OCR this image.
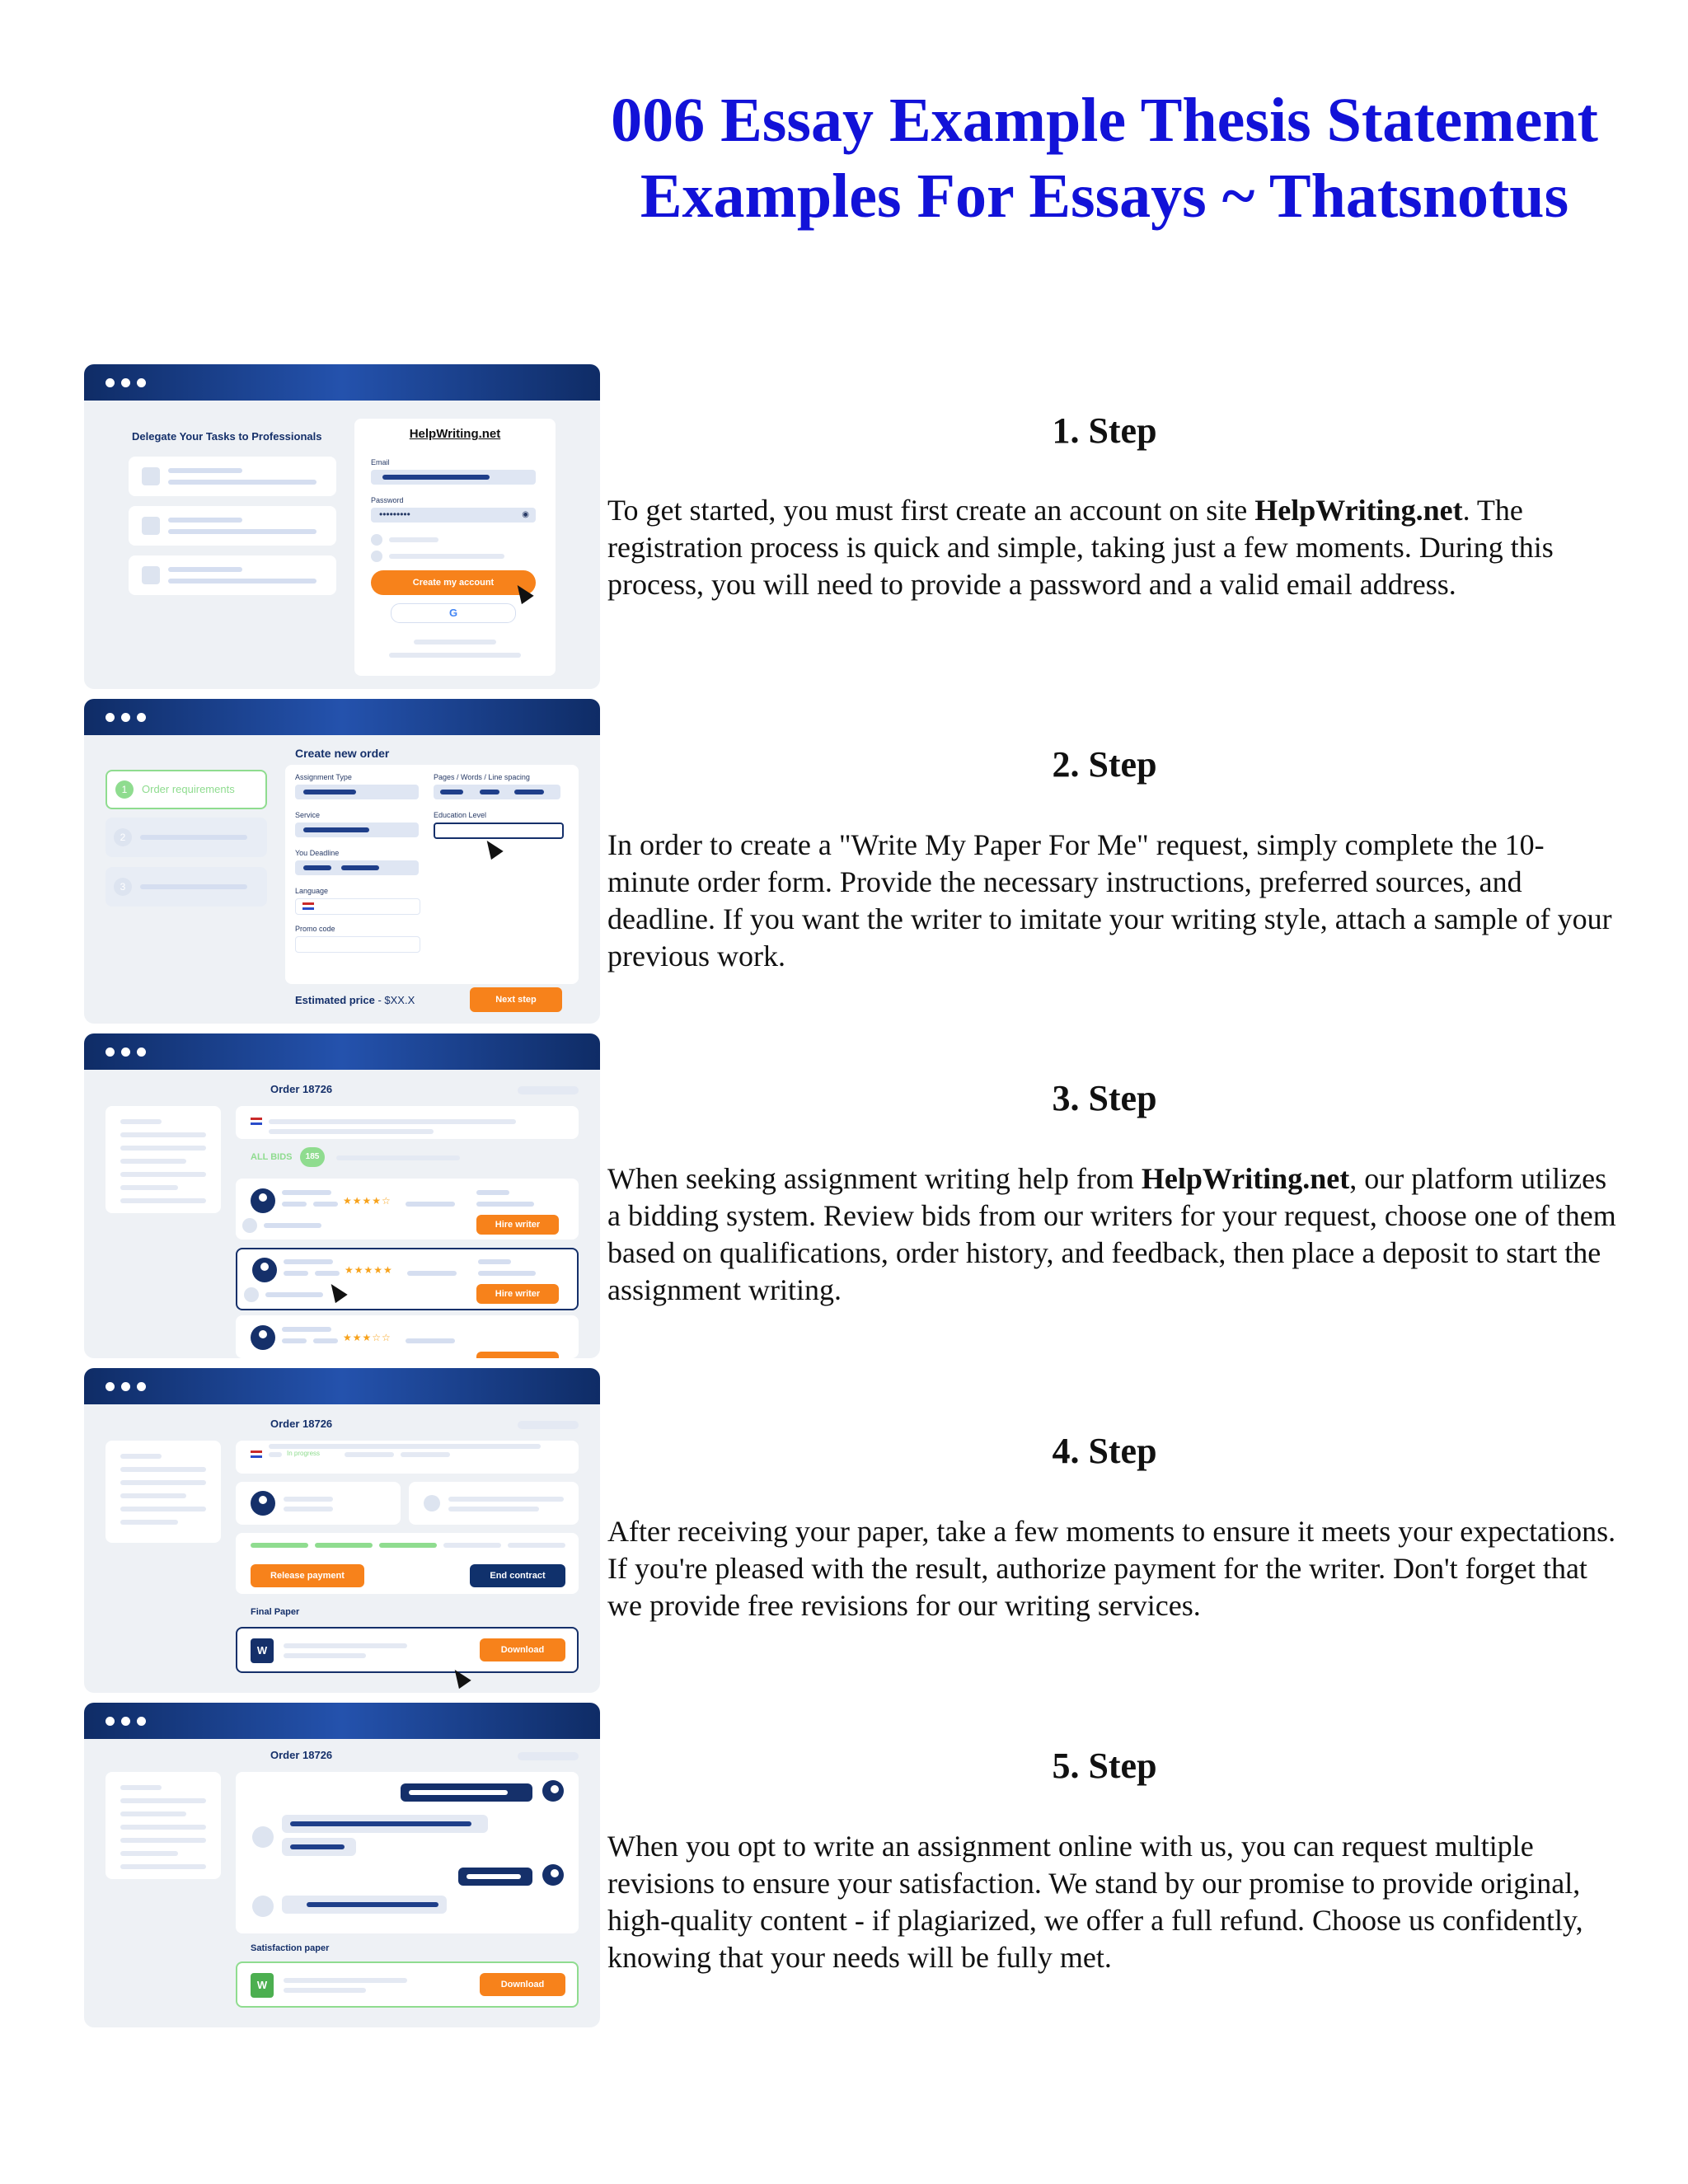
006 Essay Example Thesis Statement Examples For Essays ~ Thatsnotus
1. Step

To get started, you must first create an account on site HelpWriting.net. The registration process is quick and simple, taking just a few moments. During this process, you will need to provide a password and a valid email address.

2. Step

In order to create a "Write My Paper For Me" request, simply complete the 10-minute order form. Provide the necessary instructions, preferred sources, and deadline. If you want the writer to imitate your writing style, attach a sample of your previous work.

3. Step

When seeking assignment writing help from HelpWriting.net, our platform utilizes a bidding system. Review bids from our writers for your request, choose one of them based on qualifications, order history, and feedback, then place a deposit to start the assignment writing.

4. Step

After receiving your paper, take a few moments to ensure it meets your expectations. If you're pleased with the result, authorize payment for the writer. Don't forget that we provide free revisions for our writing services.

5. Step

When you opt to write an assignment online with us, you can request multiple revisions to ensure your satisfaction. We stand by our promise to provide original, high-quality content - if plagiarized, we offer a full refund. Choose us confidently, knowing that your needs will be fully met.

Delegate Your Tasks to Professionals	HelpWriting.net
Email
Password
•••••••••	◉
Create my account
G
1	Order requirements
2
3
Create new order
Assignment Type	Pages / Words / Line spacing
Service	Education Level
You Deadline
Language
Promo code
Estimated price - $XX.X	Next step
Order 18726
ALL BIDS	185
★★★★☆
Hire writer
★★★★★
Hire writer
★★★☆☆
Order 18726
In progress
Release payment	End contract
Final Paper
W	Download
Order 18726
Satisfaction paper
W	Download
